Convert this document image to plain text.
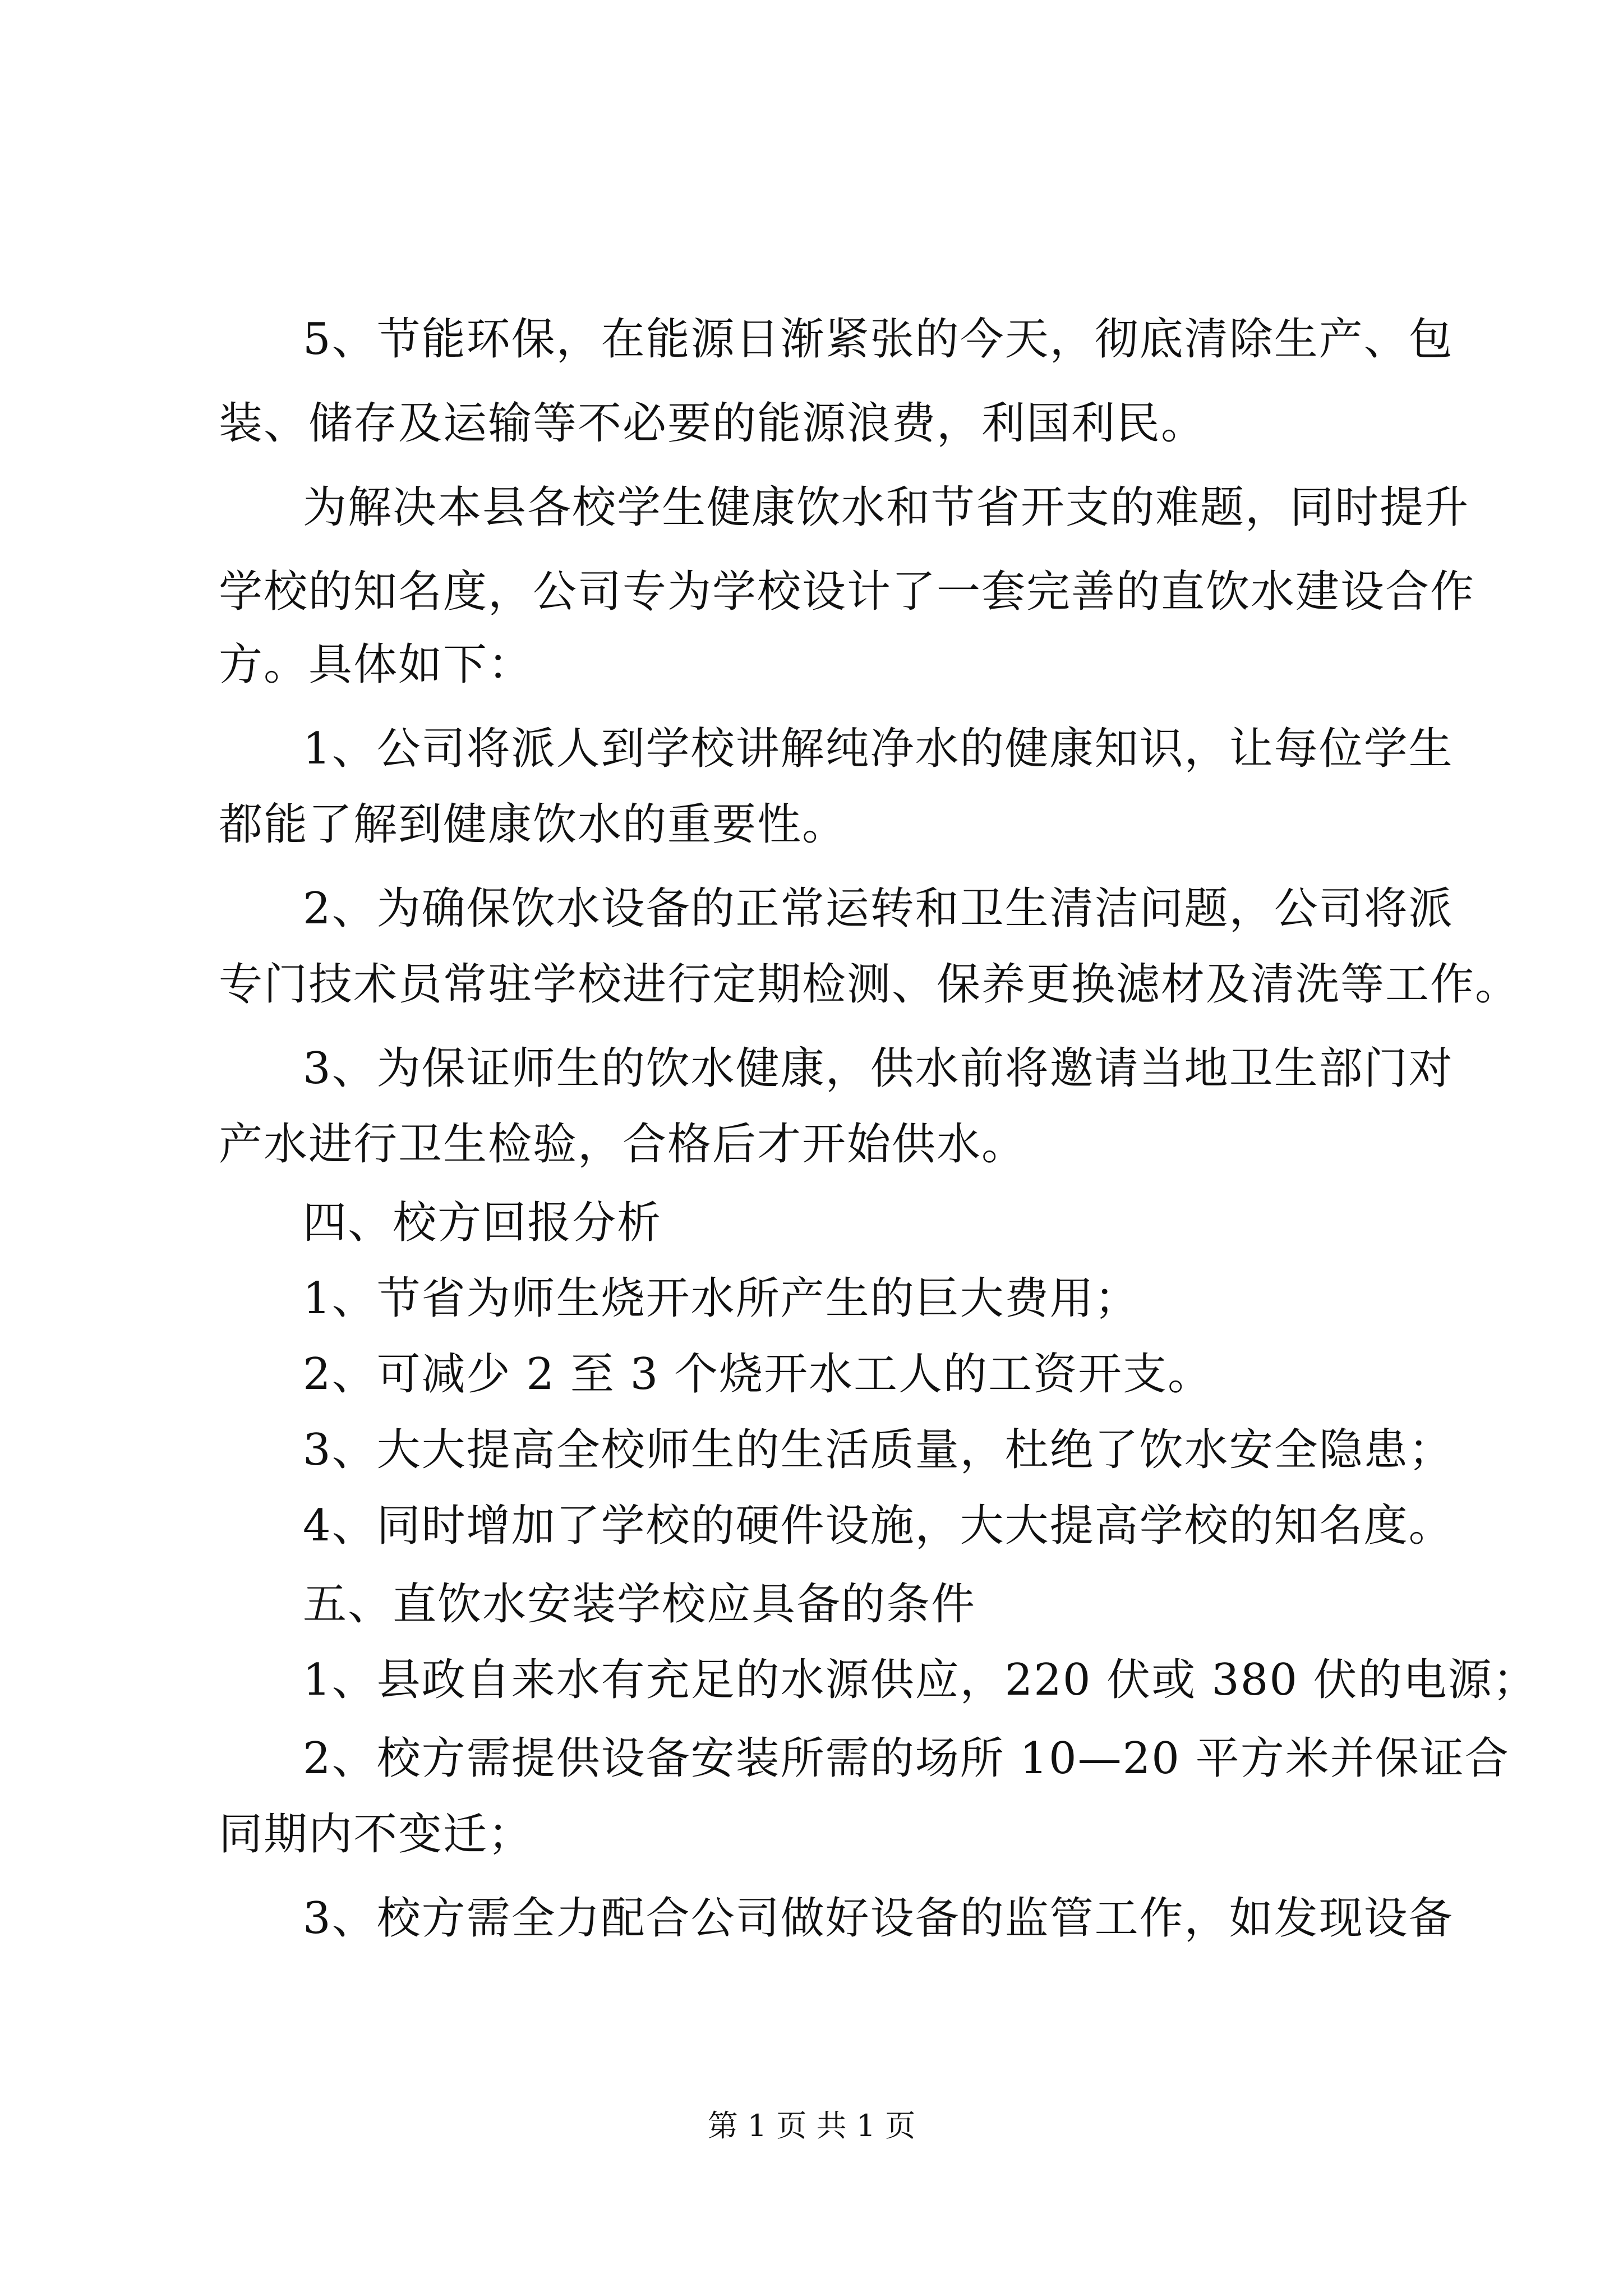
5、节能环保，在能源日渐紧张的今天，彻底清除生产、包
装、储存及运输等不必要的能源浪费，利国利民。
为解决本县各校学生健康饮水和节省开支的难题，同时提升
学校的知名度，公司专为学校设计了一套完善的直饮水建设合作
方。具体如下：
1、公司将派人到学校讲解纯净水的健康知识，让每位学生
都能了解到健康饮水的重要性。
2、为确保饮水设备的正常运转和卫生清洁问题，公司将派
专门技术员常驻学校进行定期检测、保养更换滤材及清洗等工作。
3、为保证师生的饮水健康，供水前将邀请当地卫生部门对
产水进行卫生检验，合格后才开始供水。
四、校方回报分析
1、节省为师生烧开水所产生的巨大费用；
2、可减少 2 至 3 个烧开水工人的工资开支。
3、大大提高全校师生的生活质量，杜绝了饮水安全隐患；
4、同时增加了学校的硬件设施，大大提高学校的知名度。
五、直饮水安装学校应具备的条件
1、县政自来水有充足的水源供应，220 伏或 380 伏的电源；
2、校方需提供设备安装所需的场所 10—20 平方米并保证合
同期内不变迁；
3、校方需全力配合公司做好设备的监管工作，如发现设备
第 1 页 共 1 页
